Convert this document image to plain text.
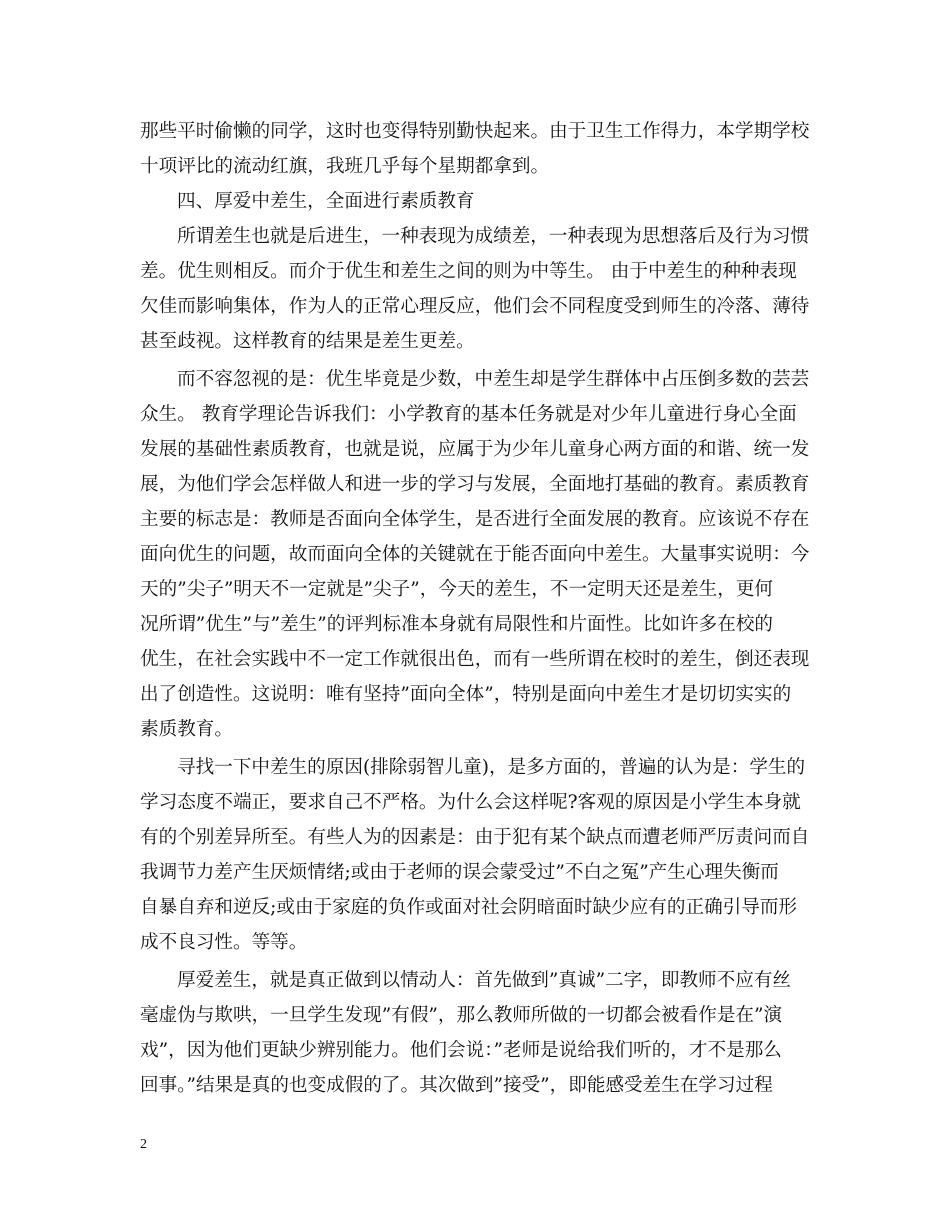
那些平时偷懒的同学，这时也变得特别勤快起来。由于卫生工作得力，本学期学校
十项评比的流动红旗，我班几乎每个星期都拿到。
四、厚爱中差生，全面进行素质教育
所谓差生也就是后进生，一种表现为成绩差，一种表现为思想落后及行为习惯
差。优生则相反。而介于优生和差生之间的则为中等生。 由于中差生的种种表现
欠佳而影响集体，作为人的正常心理反应，他们会不同程度受到师生的冷落、薄待
甚至歧视。这样教育的结果是差生更差。
而不容忽视的是：优生毕竟是少数，中差生却是学生群体中占压倒多数的芸芸
众生。 教育学理论告诉我们：小学教育的基本任务就是对少年儿童进行身心全面
发展的基础性素质教育，也就是说，应属于为少年儿童身心两方面的和谐、统一发
展，为他们学会怎样做人和进一步的学习与发展，全面地打基础的教育。素质教育
主要的标志是：教师是否面向全体学生，是否进行全面发展的教育。应该说不存在
面向优生的问题，故而面向全体的关键就在于能否面向中差生。大量事实说明：今
天的”尖子”明天不一定就是”尖子”，今天的差生，不一定明天还是差生，更何
况所谓”优生”与”差生”的评判标准本身就有局限性和片面性。比如许多在校的
优生，在社会实践中不一定工作就很出色，而有一些所谓在校时的差生，倒还表现
出了创造性。这说明：唯有坚持”面向全体”，特别是面向中差生才是切切实实的
素质教育。
寻找一下中差生的原因(排除弱智儿童)，是多方面的，普遍的认为是：学生的
学习态度不端正，要求自己不严格。为什么会这样呢?客观的原因是小学生本身就
有的个别差异所至。有些人为的因素是：由于犯有某个缺点而遭老师严厉责问而自
我调节力差产生厌烦情绪;或由于老师的误会蒙受过”不白之冤”产生心理失衡而
自暴自弃和逆反;或由于家庭的负作或面对社会阴暗面时缺少应有的正确引导而形
成不良习性。等等。
厚爱差生，就是真正做到以情动人：首先做到”真诚”二字，即教师不应有丝
毫虚伪与欺哄，一旦学生发现”有假”，那么教师所做的一切都会被看作是在”演
戏”，因为他们更缺少辨别能力。他们会说：”老师是说给我们听的，才不是那么
回事。”结果是真的也变成假的了。其次做到”接受”，即能感受差生在学习过程
2
